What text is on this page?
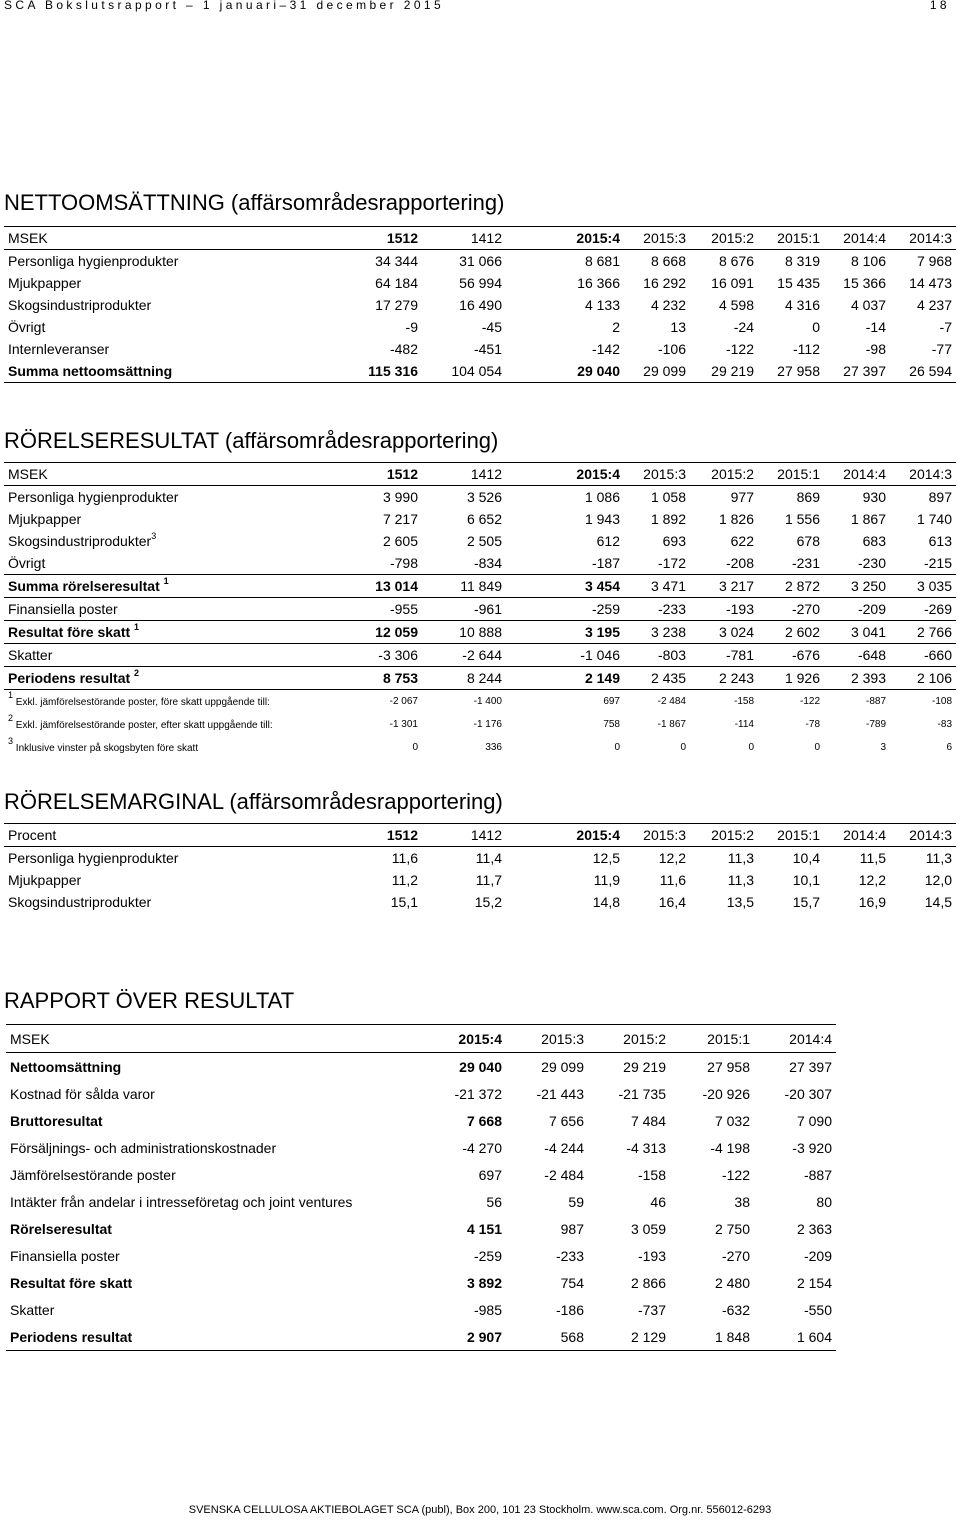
SCA Bokslutsrapport – 1 januari–31 december 2015	18
NETTOOMSÄTTNING (affärsområdesrapportering)
MSEK	1512	1412	2015:4	2015:3	2015:2	2015:1	2014:4	2014:3
Personliga hygienprodukter	34 344	31 066	8 681	8 668	8 676	8 319	8 106	7 968
Mjukpapper	64 184	56 994	16 366	16 292	16 091	15 435	15 366	14 473
Skogsindustriprodukter	17 279	16 490	4 133	4 232	4 598	4 316	4 037	4 237
Övrigt	-9	-45	2	13	-24	0	-14	-7
Internleveranser	-482	-451	-142	-106	-122	-112	-98	-77
Summa nettoomsättning	115 316	104 054	29 040	29 099	29 219	27 958	27 397	26 594
RÖRELSERESULTAT (affärsområdesrapportering)
MSEK	1512	1412	2015:4	2015:3	2015:2	2015:1	2014:4	2014:3
Personliga hygienprodukter	3 990	3 526	1 086	1 058	977	869	930	897
Mjukpapper	7 217	6 652	1 943	1 892	1 826	1 556	1 867	1 740
Skogsindustriprodukter$^3$	2 605	2 505	612	693	622	678	683	613
Övrigt	-798	-834	-187	-172	-208	-231	-230	-215
Summa rörelseresultat $^1$	13 014	11 849	3 454	3 471	3 217	2 872	3 250	3 035
Finansiella poster	-955	-961	-259	-233	-193	-270	-209	-269
Resultat före skatt $^1$	12 059	10 888	3 195	3 238	3 024	2 602	3 041	2 766
Skatter	-3 306	-2 644	-1 046	-803	-781	-676	-648	-660
Periodens resultat $^2$	8 753	8 244	2 149	2 435	2 243	1 926	2 393	2 106
$^1$ Exkl. jämförelsestörande poster, före skatt uppgående till:	-2 067	-1 400	697	-2 484	-158	-122	-887	-108
$^2$ Exkl. jämförelsestörande poster, efter skatt uppgående till:	-1 301	-1 176	758	-1 867	-114	-78	-789	-83
$^3$ Inklusive vinster på skogsbyten före skatt	0	336	0	0	0	0	3	6
RÖRELSEMARGINAL (affärsområdesrapportering)
Procent	1512	1412	2015:4	2015:3	2015:2	2015:1	2014:4	2014:3
Personliga hygienprodukter	11,6	11,4	12,5	12,2	11,3	10,4	11,5	11,3
Mjukpapper	11,2	11,7	11,9	11,6	11,3	10,1	12,2	12,0
Skogsindustriprodukter	15,1	15,2	14,8	16,4	13,5	15,7	16,9	14,5
RAPPORT ÖVER RESULTAT
MSEK	2015:4	2015:3	2015:2	2015:1	2014:4
Nettoomsättning	29 040	29 099	29 219	27 958	27 397
Kostnad för sålda varor	-21 372	-21 443	-21 735	-20 926	-20 307
Bruttoresultat	7 668	7 656	7 484	7 032	7 090
Försäljnings- och administrationskostnader	-4 270	-4 244	-4 313	-4 198	-3 920
Jämförelsestörande poster	697	-2 484	-158	-122	-887
Intäkter från andelar i intresseföretag och joint ventures	56	59	46	38	80
Rörelseresultat	4 151	987	3 059	2 750	2 363
Finansiella poster	-259	-233	-193	-270	-209
Resultat före skatt	3 892	754	2 866	2 480	2 154
Skatter	-985	-186	-737	-632	-550
Periodens resultat	2 907	568	2 129	1 848	1 604
SVENSKA CELLULOSA AKTIEBOLAGET SCA (publ), Box 200, 101 23 Stockholm. www.sca.com. Org.nr. 556012-6293
